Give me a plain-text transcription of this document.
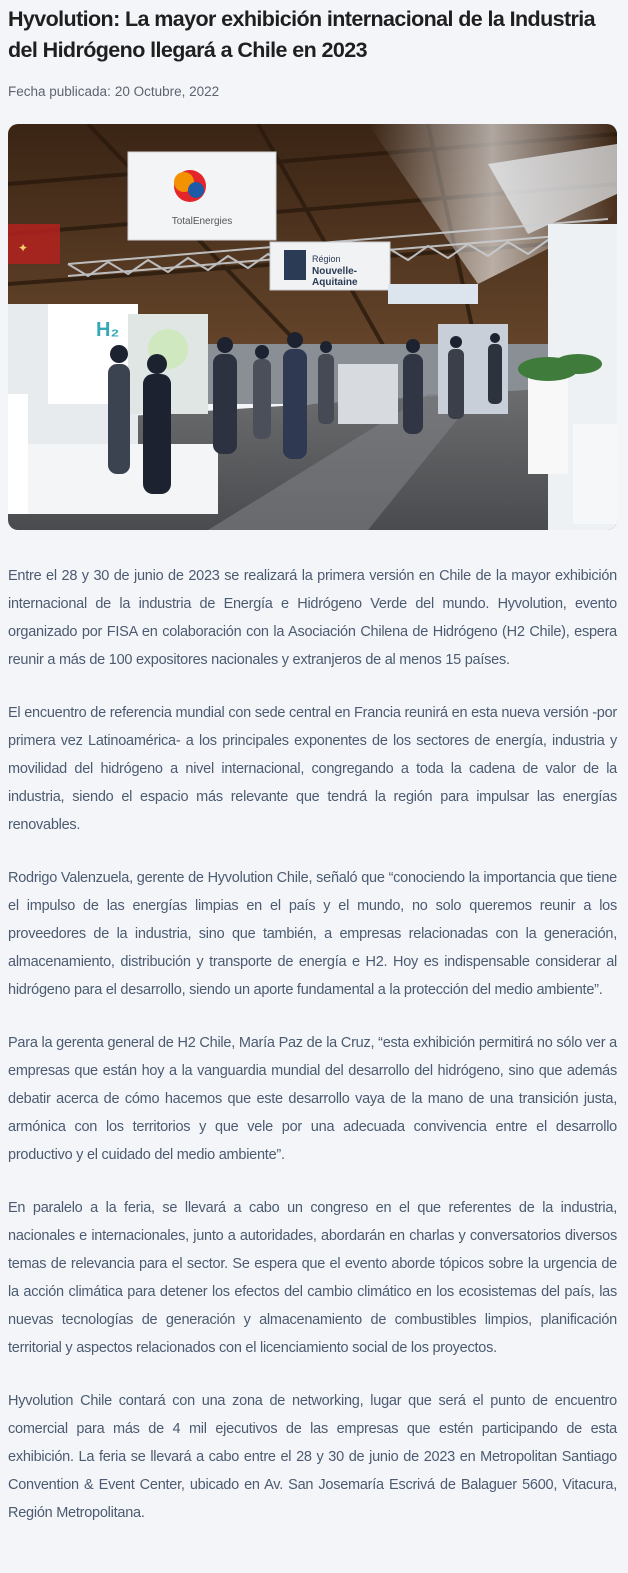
Hyvolution: La mayor exhibición internacional de la Industria del Hidrógeno llegará a Chile en 2023

Fecha publicada: 20 Octubre, 2022

✦
TotalEnergies
Région
Nouvelle-
Aquitaine
H₂

Entre el 28 y 30 de junio de 2023 se realizará la primera versión en Chile de la mayor exhibición internacional de la industria de Energía e Hidrógeno Verde del mundo. Hyvolution, evento organizado por FISA en colaboración con la Asociación Chilena de Hidrógeno (H2 Chile), espera reunir a más de 100 expositores nacionales y extranjeros de al menos 15 países.

El encuentro de referencia mundial con sede central en Francia reunirá en esta nueva versión -por primera vez Latinoamérica- a los principales exponentes de los sectores de energía, industria y movilidad del hidrógeno a nivel internacional, congregando a toda la cadena de valor de la industria, siendo el espacio más relevante que tendrá la región para impulsar las energías renovables.

Rodrigo Valenzuela, gerente de Hyvolution Chile, señaló que “conociendo la importancia que tiene el impulso de las energías limpias en el país y el mundo, no solo queremos reunir a los proveedores de la industria, sino que también, a empresas relacionadas con la generación, almacenamiento, distribución y transporte de energía e H2. Hoy es indispensable considerar al hidrógeno para el desarrollo, siendo un aporte fundamental a la protección del medio ambiente”.

Para la gerenta general de H2 Chile, María Paz de la Cruz, “esta exhibición permitirá no sólo ver a empresas que están hoy a la vanguardia mundial del desarrollo del hidrógeno, sino que además debatir acerca de cómo hacemos que este desarrollo vaya de la mano de una transición justa, armónica con los territorios y que vele por una adecuada convivencia entre el desarrollo productivo y el cuidado del medio ambiente”.

En paralelo a la feria, se llevará a cabo un congreso en el que referentes de la industria, nacionales e internacionales, junto a autoridades, abordarán en charlas y conversatorios diversos temas de relevancia para el sector. Se espera que el evento aborde tópicos sobre la urgencia de la acción climática para detener los efectos del cambio climático en los ecosistemas del país, las nuevas tecnologías de generación y almacenamiento de combustibles limpios, planificación territorial y aspectos relacionados con el licenciamiento social de los proyectos.

Hyvolution Chile contará con una zona de networking, lugar que será el punto de encuentro comercial para más de 4 mil ejecutivos de las empresas que estén participando de esta exhibición. La feria se llevará a cabo entre el 28 y 30 de junio de 2023 en Metropolitan Santiago Convention & Event Center, ubicado en Av. San Josemaría Escrivá de Balaguer 5600, Vitacura, Región Metropolitana.
